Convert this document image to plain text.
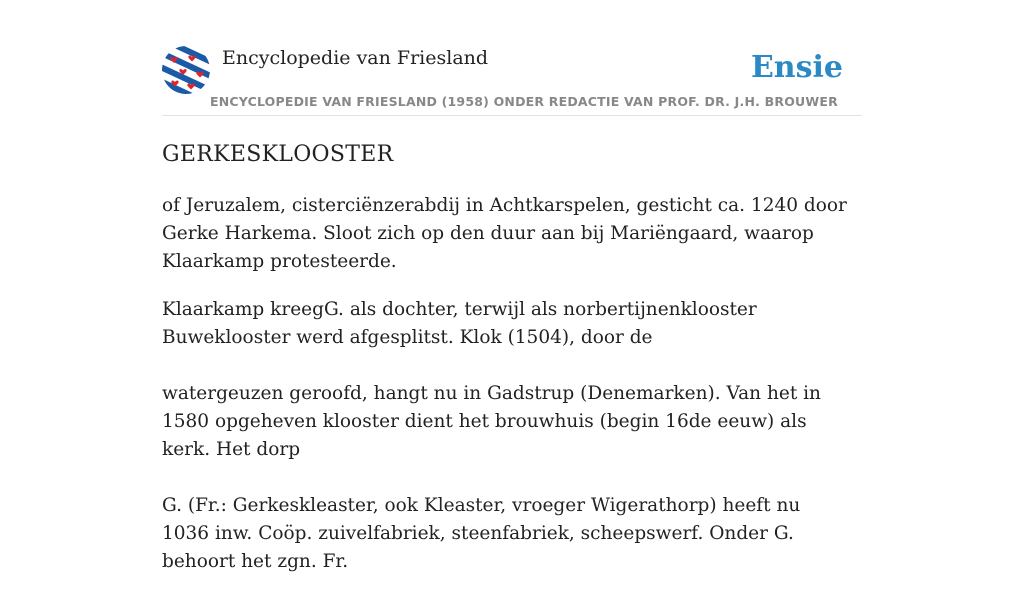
Encyclopedie van Friesland
ENCYCLOPEDIE VAN FRIESLAND (1958) ONDER REDACTIE VAN PROF. DR. J.H. BROUWER
Ensie
GERKESKLOOSTER

of Jeruzalem, cisterciënzerabdij in Achtkarspelen, gesticht ca. 1240 door Gerke Harkema. Sloot zich op den duur aan bij Mariëngaard, waarop Klaarkamp protesteerde.

Klaarkamp kreegG. als dochter, terwijl als norbertijnenklooster Buweklooster werd afgesplitst. Klok (1504), door de

watergeuzen geroofd, hangt nu in Gadstrup (Denemarken). Van het in 1580 opgeheven klooster dient het brouwhuis (begin 16de eeuw) als kerk. Het dorp

G. (Fr.: Gerkeskleaster, ook Kleaster, vroeger Wigerathorp) heeft nu 1036 inw. Coöp. zuivelfabriek, steenfabriek, scheepswerf. Onder G. behoort het zgn. Fr.
